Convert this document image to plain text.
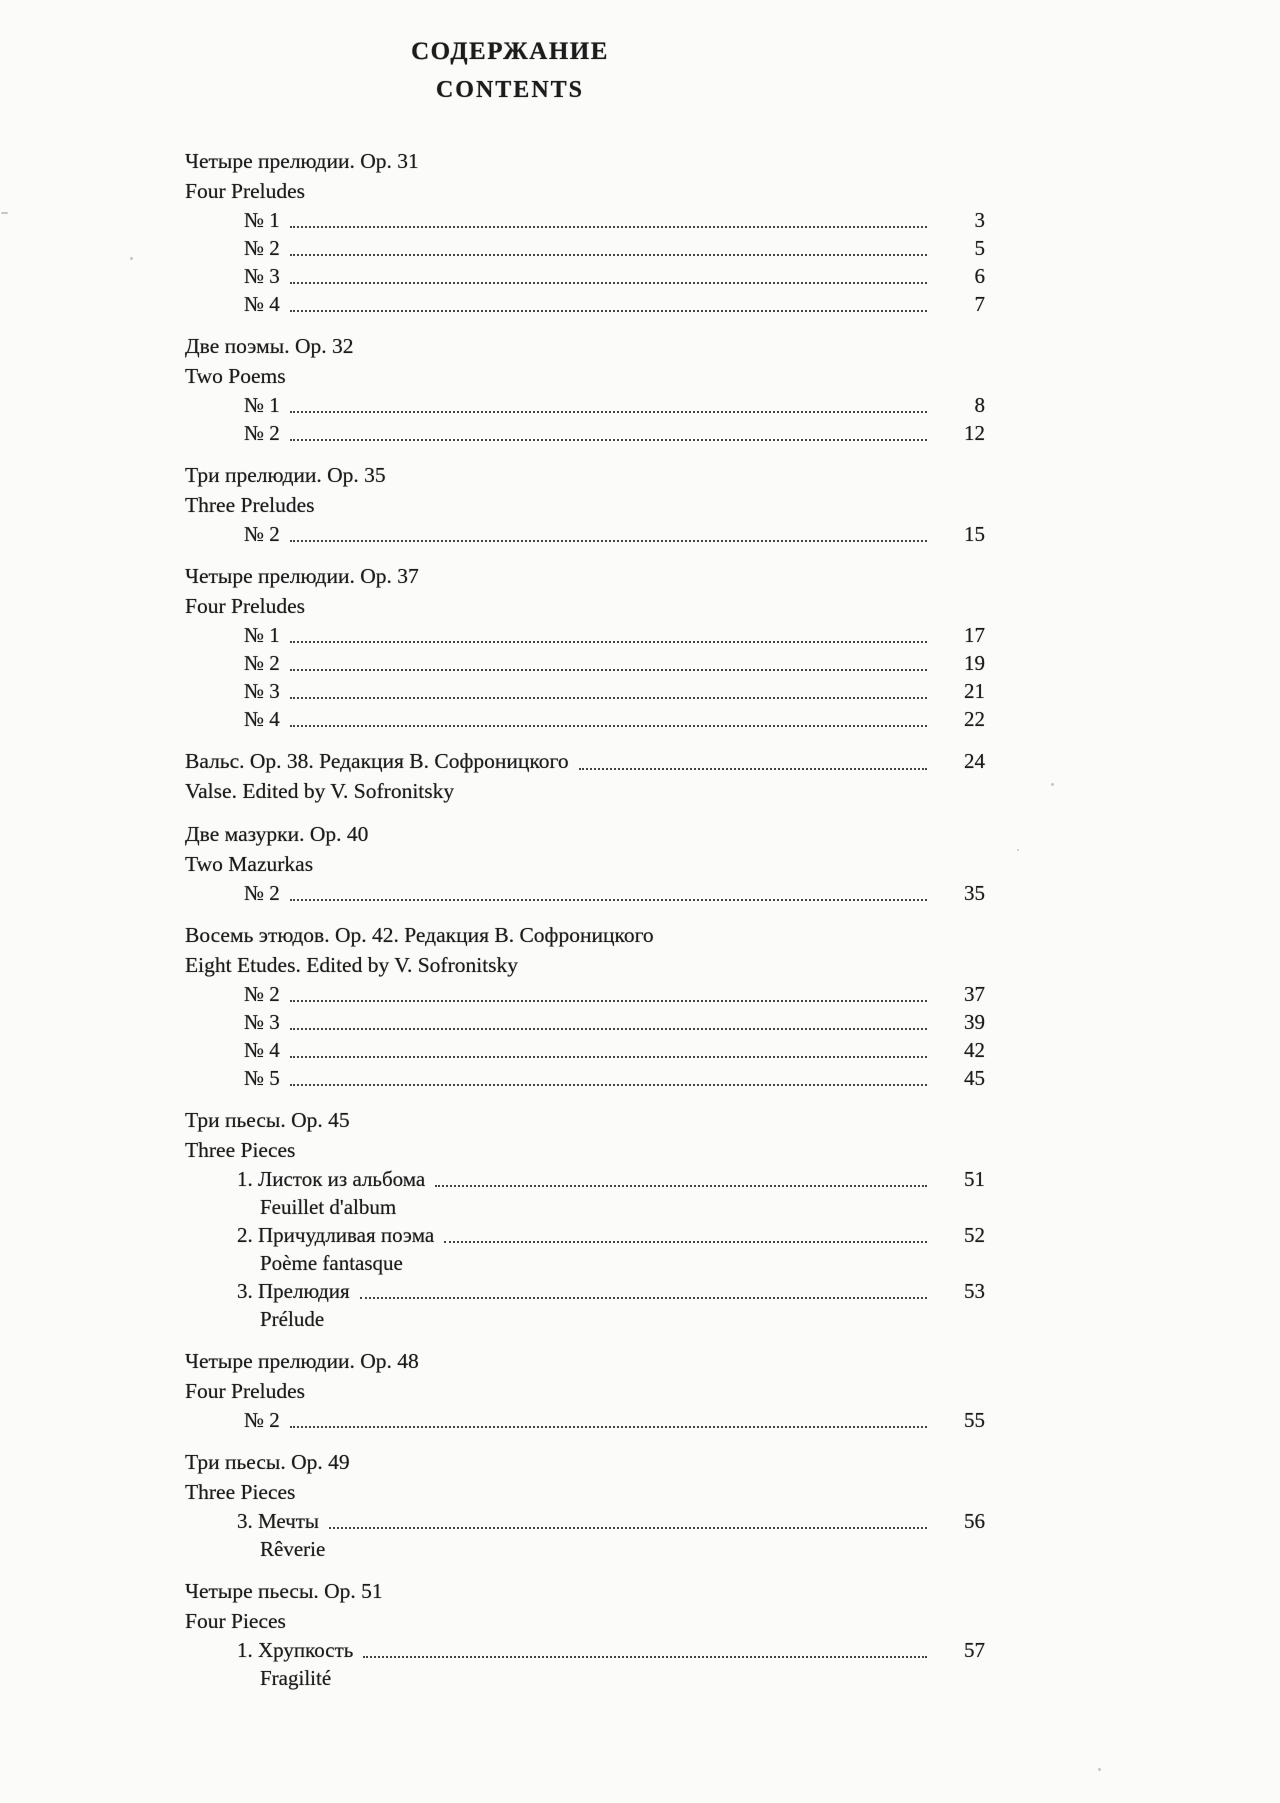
СОДЕРЖАНИЕ
CONTENTS
Четыре прелюдии. Op. 31
Four Preludes
№ 1	3
№ 2	5
№ 3	6
№ 4	7
Две поэмы. Op. 32
Two Poems
№ 1	8
№ 2	12
Три прелюдии. Op. 35
Three Preludes
№ 2	15
Четыре прелюдии. Op. 37
Four Preludes
№ 1	17
№ 2	19
№ 3	21
№ 4	22
Вальс. Op. 38. Редакция В. Софроницкого	24
Valse. Edited by V. Sofronitsky
Две мазурки. Op. 40
Two Mazurkas
№ 2	35
Восемь этюдов. Op. 42. Редакция В. Софроницкого
Eight Etudes. Edited by V. Sofronitsky
№ 2	37
№ 3	39
№ 4	42
№ 5	45
Три пьесы. Op. 45
Three Pieces
1. Листок из альбома	51
Feuillet d'album
2. Причудливая поэма	52
Poème fantasque
3. Прелюдия	53
Prélude
Четыре прелюдии. Op. 48
Four Preludes
№ 2	55
Три пьесы. Op. 49
Three Pieces
3. Мечты	56
Rêverie
Четыре пьесы. Op. 51
Four Pieces
1. Хрупкость	57
Fragilité
